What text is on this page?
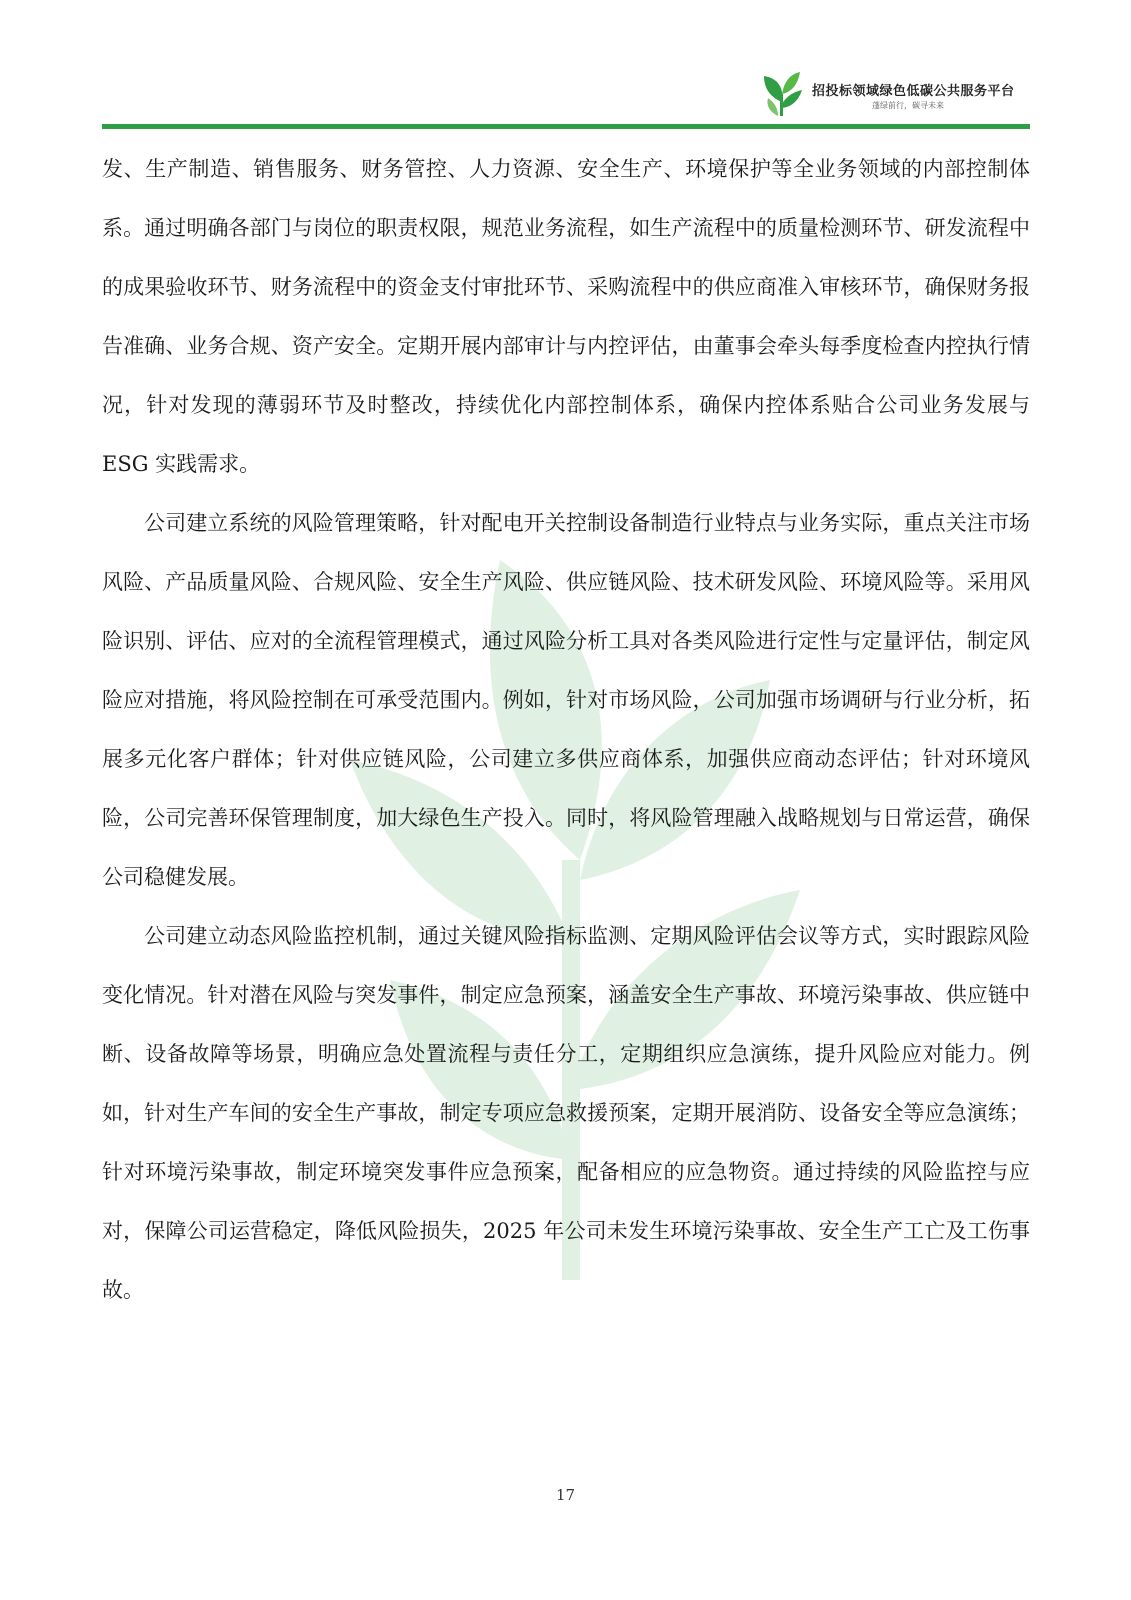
招投标领域绿色低碳公共服务平台
蓬绿前行，碳寻未来

发、生产制造、销售服务、财务管控、人力资源、安全生产、环境保护等全业务领域的内部控制体系。通过明确各部门与岗位的职责权限，规范业务流程，如生产流程中的质量检测环节、研发流程中的成果验收环节、财务流程中的资金支付审批环节、采购流程中的供应商准入审核环节，确保财务报告准确、业务合规、资产安全。定期开展内部审计与内控评估，由董事会牵头每季度检查内控执行情况，针对发现的薄弱环节及时整改，持续优化内部控制体系，确保内控体系贴合公司业务发展与 ESG 实践需求。

公司建立系统的风险管理策略，针对配电开关控制设备制造行业特点与业务实际，重点关注市场风险、产品质量风险、合规风险、安全生产风险、供应链风险、技术研发风险、环境风险等。采用风险识别、评估、应对的全流程管理模式，通过风险分析工具对各类风险进行定性与定量评估，制定风险应对措施，将风险控制在可承受范围内。例如，针对市场风险，公司加强市场调研与行业分析，拓展多元化客户群体；针对供应链风险，公司建立多供应商体系，加强供应商动态评估；针对环境风险，公司完善环保管理制度，加大绿色生产投入。同时，将风险管理融入战略规划与日常运营，确保公司稳健发展。

公司建立动态风险监控机制，通过关键风险指标监测、定期风险评估会议等方式，实时跟踪风险变化情况。针对潜在风险与突发事件，制定应急预案，涵盖安全生产事故、环境污染事故、供应链中断、设备故障等场景，明确应急处置流程与责任分工，定期组织应急演练，提升风险应对能力。例如，针对生产车间的安全生产事故，制定专项应急救援预案，定期开展消防、设备安全等应急演练；针对环境污染事故，制定环境突发事件应急预案，配备相应的应急物资。通过持续的风险监控与应对，保障公司运营稳定，降低风险损失，2025 年公司未发生环境污染事故、安全生产工亡及工伤事故。

17
